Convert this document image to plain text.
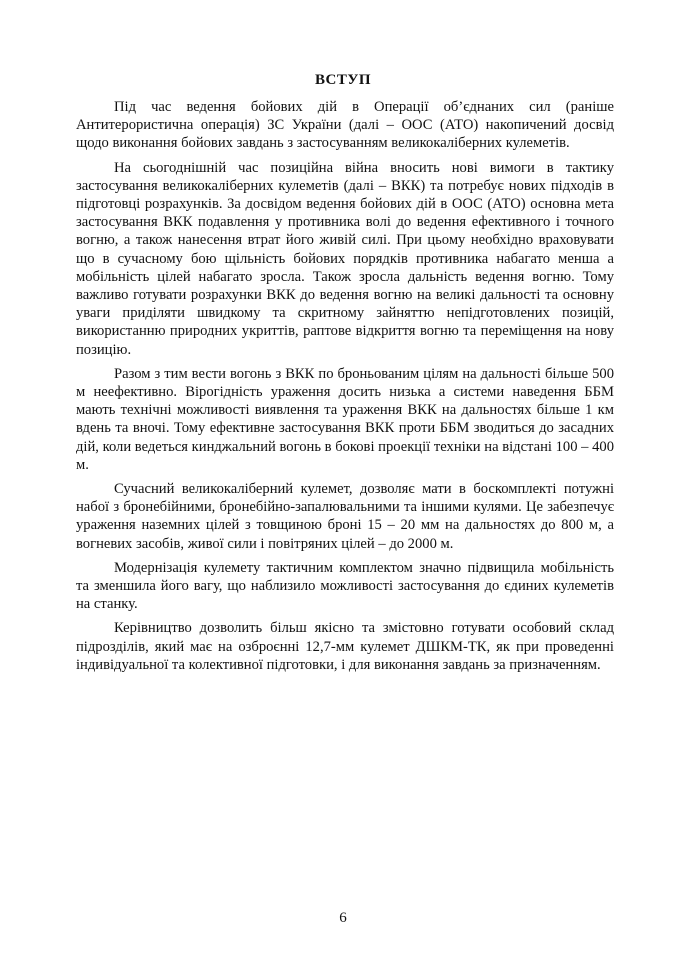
ВСТУП

Під час ведення бойових дій в Операції об’єднаних сил (раніше Антитерористична операція) ЗС України (далі – ООС (АТО) накопичений досвід щодо виконання бойових завдань з застосуванням великокаліберних кулеметів.

На сьогоднішній час позиційна війна вносить нові вимоги в тактику застосування великокаліберних кулеметів (далі – ВКК) та потребує нових підходів в підготовці розрахунків. За досвідом ведення бойових дій в ООС (АТО) основна мета застосування ВКК подавлення у противника волі до ведення ефективного і точного вогню, а також нанесення втрат його живій силі. При цьому необхідно враховувати що в сучасному бою щільність бойових порядків противника набагато менша а мобільність цілей набагато зросла. Також зросла дальність ведення вогню. Тому важливо готувати розрахунки ВКК до ведення вогню на великі дальності та основну уваги приділяти швидкому та скритному зайняттю непідготовлених позицій, використанню природних укриттів, раптове відкриття вогню та переміщення на нову позицію.

Разом з тим вести вогонь з ВКК по броньованим цілям на дальності більше 500 м неефективно. Вірогідність ураження досить низька а системи наведення ББМ мають технічні можливості виявлення та ураження ВКК на дальностях більше 1 км вдень та вночі. Тому ефективне застосування ВКК проти ББМ зводиться до засадних дій, коли ведеться кинджальний вогонь в бокові проекції техніки на відстані 100 – 400 м.

Сучасний великокаліберний кулемет, дозволяє мати в боскомплекті потужні набої з бронебійними, бронебійно-запалювальними та іншими кулями. Це забезпечує ураження наземних цілей з товщиною броні 15 – 20 мм на дальностях до 800 м, а вогневих засобів, живої сили і повітряних цілей – до 2000 м.

Модернізація кулемету тактичним комплектом значно підвищила мобільність та зменшила його вагу, що наблизило можливості застосування до єдиних кулеметів на станку.

Керівництво дозволить більш якісно та змістовно готувати особовий склад підрозділів, який має на озброєнні 12,7-мм кулемет ДШКМ-ТК, як при проведенні індивідуальної та колективної підготовки, і для виконання завдань за призначенням.

6
